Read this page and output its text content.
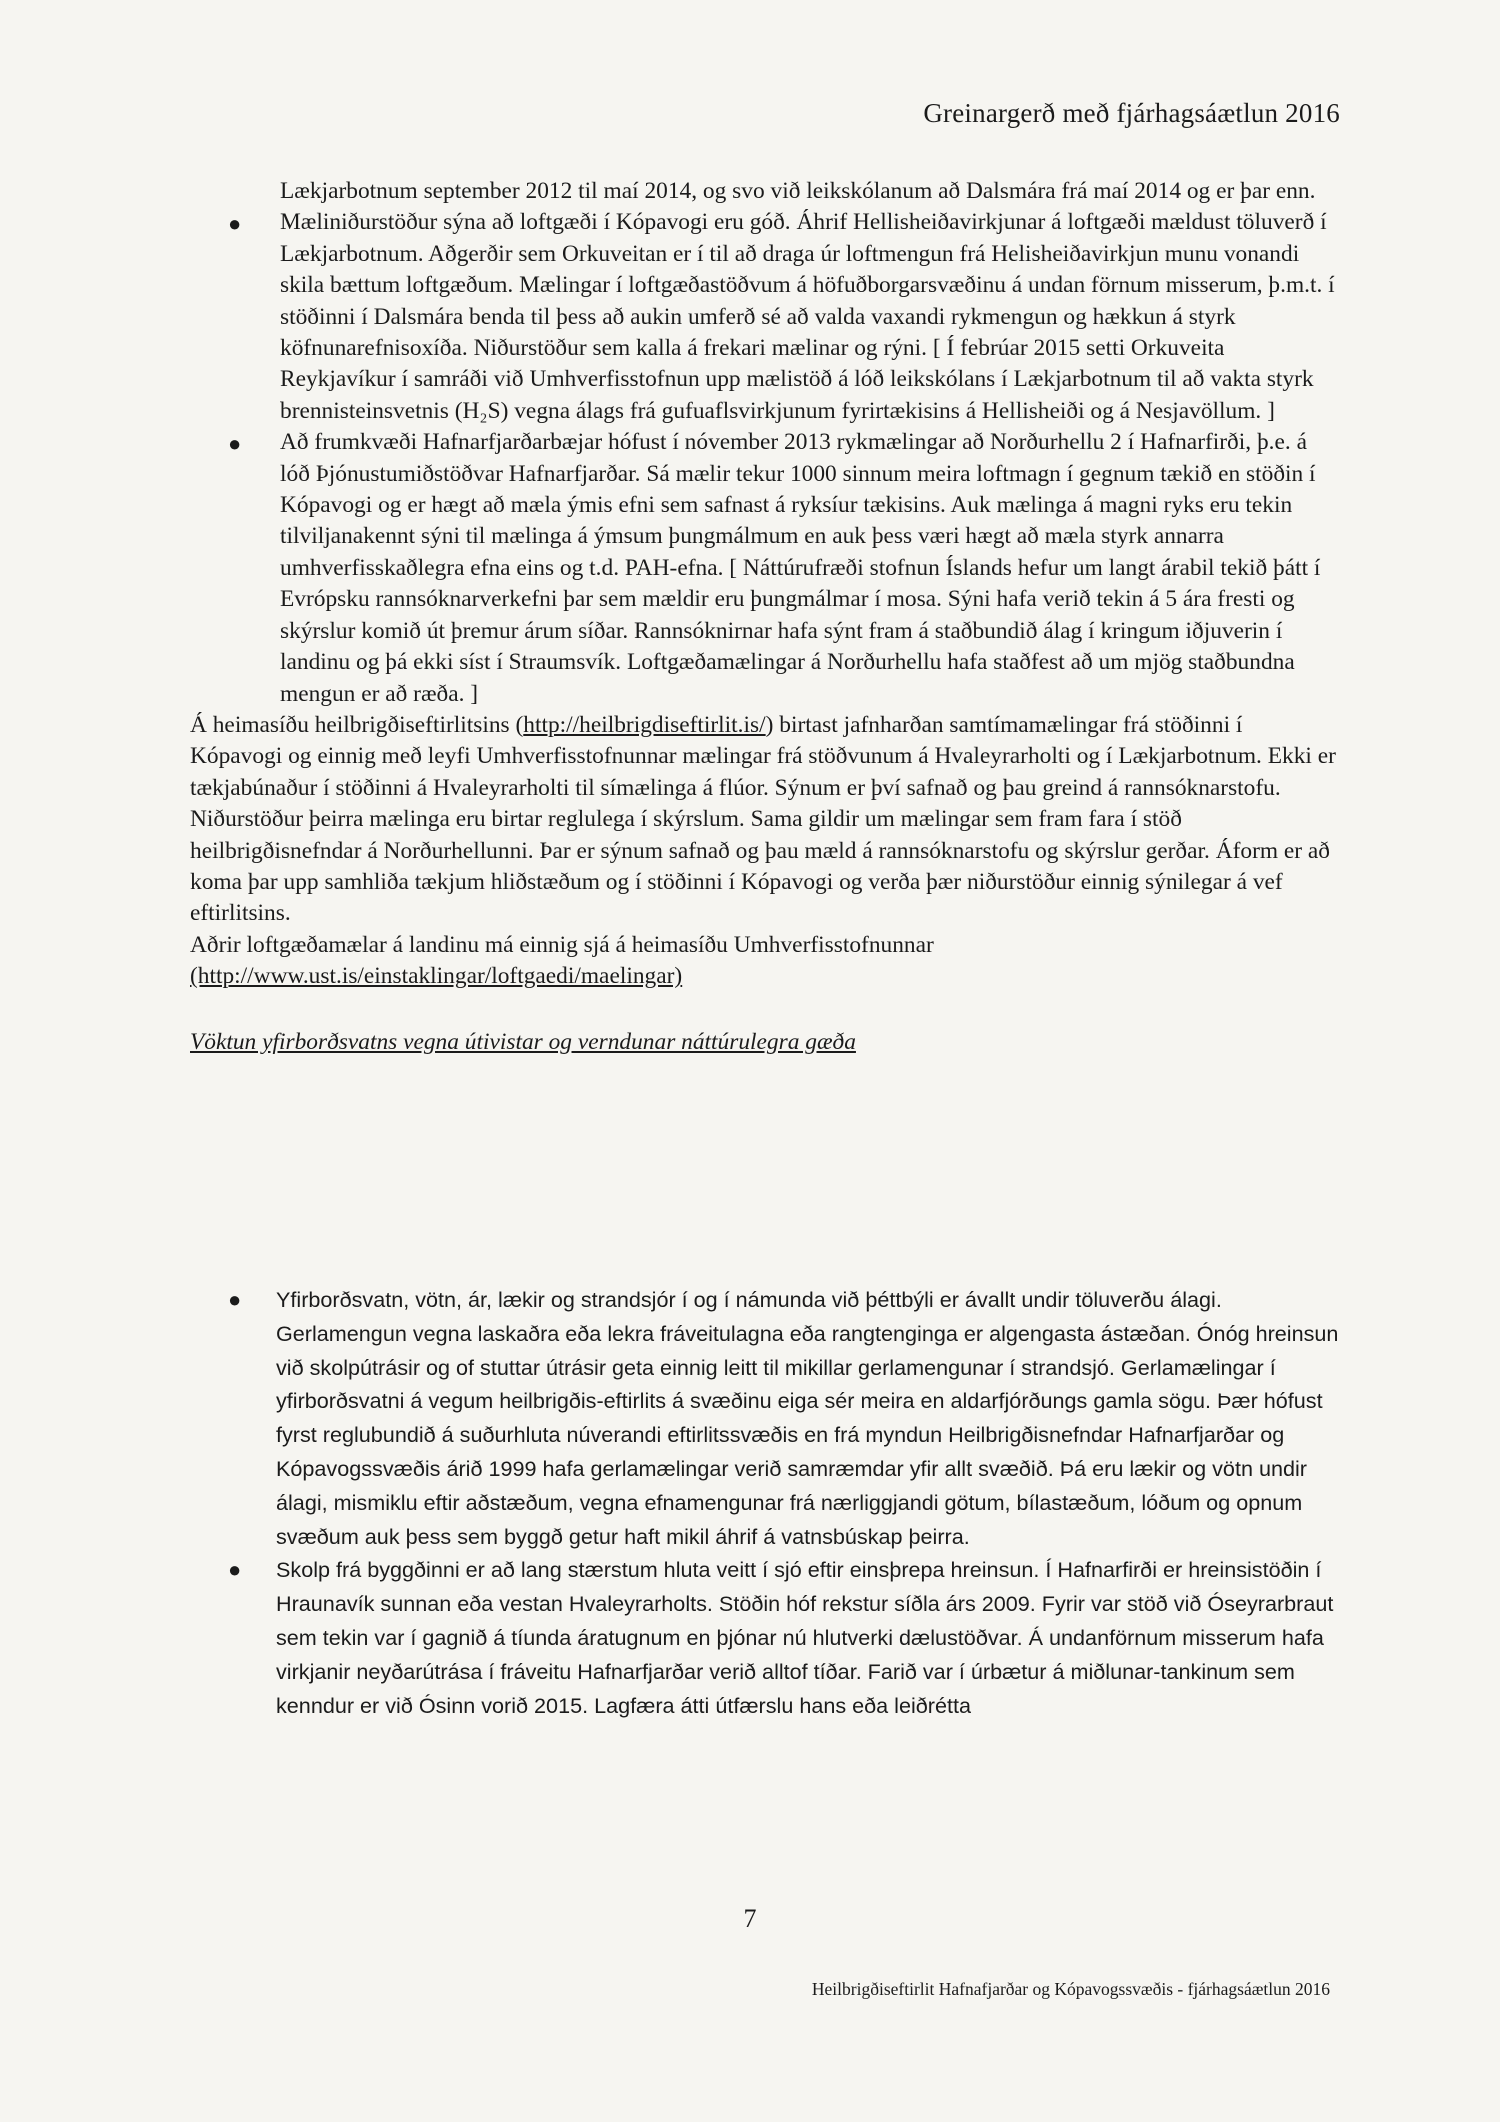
Greinargerð með fjárhagsáætlun 2016

Lækjarbotnum september 2012 til maí 2014, og svo við leikskólanum að Dalsmára frá maí 2014 og er þar enn.

● Mæliniðurstöður sýna að loftgæði í Kópavogi eru góð. Áhrif Hellisheiðavirkjunar á loftgæði mældust töluverð í Lækjarbotnum. Aðgerðir sem Orkuveitan er í til að draga úr loftmengun frá Helisheiðavirkjun munu vonandi skila bættum loftgæðum. Mælingar í loftgæðastöðvum á höfuðborgarsvæðinu á undan förnum misserum, þ.m.t. í stöðinni í Dalsmára benda til þess að aukin umferð sé að valda vaxandi rykmengun og hækkun á styrk köfnunarefnisoxíða. Niðurstöður sem kalla á frekari mælinar og rýni. [ Í febrúar 2015 setti Orkuveita Reykjavíkur í samráði við Umhverfisstofnun upp mælistöð á lóð leikskólans í Lækjarbotnum til að vakta styrk brennisteinsvetnis (H₂S) vegna álags frá gufuaflsvirkjunum fyrirtækisins á Hellisheiði og á Nesjavöllum. ]
● Að frumkvæði Hafnarfjarðarbæjar hófust í nóvember 2013 rykmælingar að Norðurhellu 2 í Hafnarfirði, þ.e. á lóð Þjónustumiðstöðvar Hafnarfjarðar. Sá mælir tekur 1000 sinnum meira loftmagn í gegnum tækið en stöðin í Kópavogi og er hægt að mæla ýmis efni sem safnast á ryksíur tækisins. Auk mælinga á magni ryks eru tekin tilviljanakennt sýni til mælinga á ýmsum þungmálmum en auk þess væri hægt að mæla styrk annarra umhverfisskaðlegra efna eins og t.d. PAH-efna. [ Náttúrufræði stofnun Íslands hefur um langt árabil tekið þátt í Evrópsku rannsóknarverkefni þar sem mældir eru þungmálmar í mosa. Sýni hafa verið tekin á 5 ára fresti og skýrslur komið út þremur árum síðar. Rannsóknirnar hafa sýnt fram á staðbundið álag í kringum iðjuverin í landinu og þá ekki síst í Straumsvík. Loftgæðamælingar á Norðurhellu hafa staðfest að um mjög staðbundna mengun er að ræða. ]

Á heimasíðu heilbrigðiseftirlitsins (http://heilbrigdiseftirlit.is/) birtast jafnharðan samtímamælingar frá stöðinni í Kópavogi og einnig með leyfi Umhverfisstofnunnar mælingar frá stöðvunum á Hvaleyrarholti og í Lækjarbotnum. Ekki er tækjabúnaður í stöðinni á Hvaleyrarholti til símælinga á flúor. Sýnum er því safnað og þau greind á rannsóknarstofu. Niðurstöður þeirra mælinga eru birtar reglulega í skýrslum. Sama gildir um mælingar sem fram fara í stöð heilbrigðisnefndar á Norðurhellunni. Þar er sýnum safnað og þau mæld á rannsóknarstofu og skýrslur gerðar. Áform er að koma þar upp samhliða tækjum hliðstæðum og í stöðinni í Kópavogi og verða þær niðurstöður einnig sýnilegar á vef eftirlitsins.

Aðrir loftgæðamælar á landinu má einnig sjá á heimasíðu Umhverfisstofnunnar
(http://www.ust.is/einstaklingar/loftgaedi/maelingar)

Vöktun yfirborðsvatns vegna útivistar og verndunar náttúrulegra gæða

● Yfirborðsvatn, vötn, ár, lækir og strandsjór í og í námunda við þéttbýli er ávallt undir töluverðu álagi. Gerlamengun vegna laskaðra eða lekra fráveitulagna eða rangtenginga er algengasta ástæðan. Ónóg hreinsun við skolpútrásir og of stuttar útrásir geta einnig leitt til mikillar gerlamengunar í strandsjó. Gerlamælingar í yfirborðsvatni á vegum heilbrigðis-eftirlits á svæðinu eiga sér meira en aldarfjórðungs gamla sögu. Þær hófust fyrst reglubundið á suðurhluta núverandi eftirlitssvæðis en frá myndun Heilbrigðisnefndar Hafnarfjarðar og Kópavogssvæðis árið 1999 hafa gerlamælingar verið samræmdar yfir allt svæðið. Þá eru lækir og vötn undir álagi, mismiklu eftir aðstæðum, vegna efnamengunar frá nærliggjandi götum, bílastæðum, lóðum og opnum svæðum auk þess sem byggð getur haft mikil áhrif á vatnsbúskap þeirra.
● Skolp frá byggðinni er að lang stærstum hluta veitt í sjó eftir einsþrepa hreinsun. Í Hafnarfirði er hreinsistöðin í Hraunavík sunnan eða vestan Hvaleyrarholts. Stöðin hóf rekstur síðla árs 2009. Fyrir var stöð við Óseyrarbraut sem tekin var í gagnið á tíunda áratugnum en þjónar nú hlutverki dælustöðvar. Á undanförnum misserum hafa virkjanir neyðarútrása í fráveitu Hafnarfjarðar verið alltof tíðar. Farið var í úrbætur á miðlunar-tankinum sem kenndur er við Ósinn vorið 2015. Lagfæra átti útfærslu hans eða leiðrétta
7
Heilbrigðiseftirlit Hafnafjarðar og Kópavogssvæðis - fjárhagsáætlun 2016
